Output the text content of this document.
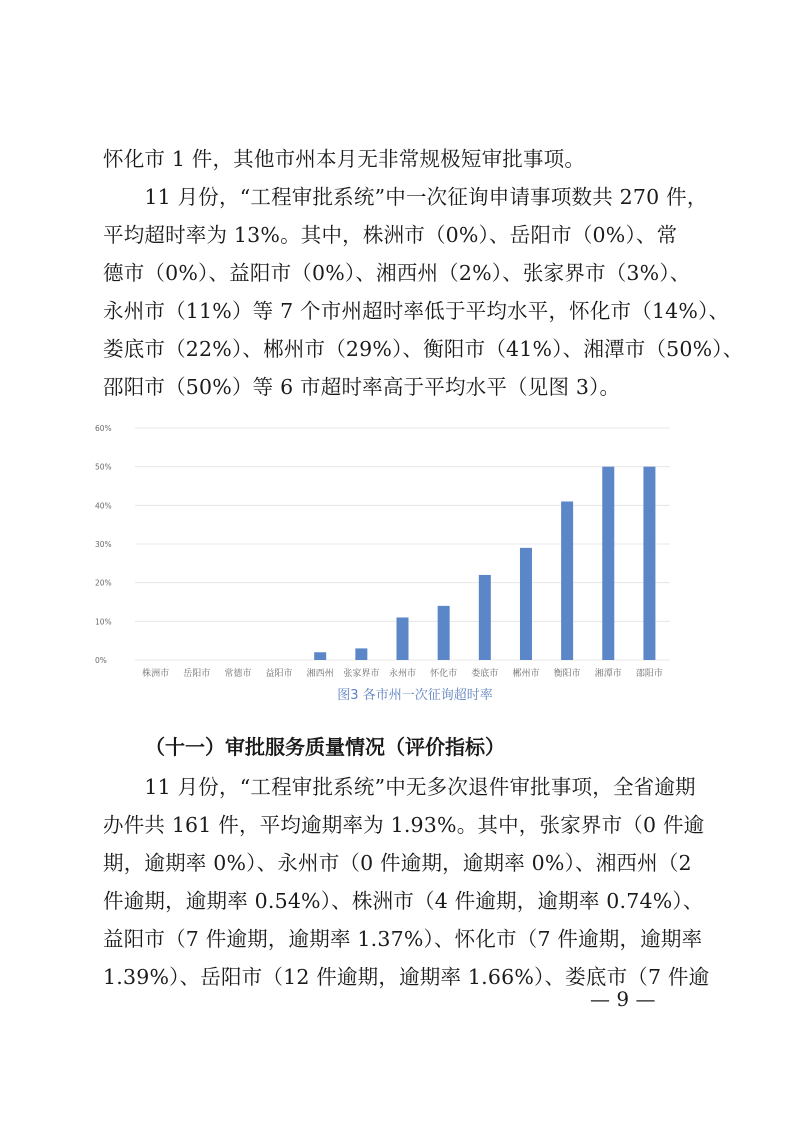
怀化市 1 件，其他市州本月无非常规极短审批事项。
　　11 月份，“工程审批系统”中一次征询申请事项数共 270 件，
平均超时率为 13%。其中，株洲市（0%）、岳阳市（0%）、常
德市（0%）、益阳市（0%）、湘西州（2%）、张家界市（3%）、
永州市（11%）等 7 个市州超时率低于平均水平，怀化市（14%）、
娄底市（22%）、郴州市（29%）、衡阳市（41%）、湘潭市（50%）、
邵阳市（50%）等 6 市超时率高于平均水平（见图 3）。
0%
10%
20%
30%
40%
50%
60%
株洲市 岳阳市 常德市 益阳市 湘西州 张家界市 永州市 怀化市 娄底市 郴州市 衡阳市 湘潭市 邵阳市
图3 各市州一次征询超时率
（十一）审批服务质量情况（评价指标）
　　11 月份，“工程审批系统”中无多次退件审批事项，全省逾期
办件共 161 件，平均逾期率为 1.93%。其中，张家界市（0 件逾
期，逾期率 0%）、永州市（0 件逾期，逾期率 0%）、湘西州（2
件逾期，逾期率 0.54%）、株洲市（4 件逾期，逾期率 0.74%）、
益阳市（7 件逾期，逾期率 1.37%）、怀化市（7 件逾期，逾期率
1.39%）、岳阳市（12 件逾期，逾期率 1.66%）、娄底市（7 件逾
— 9 —
